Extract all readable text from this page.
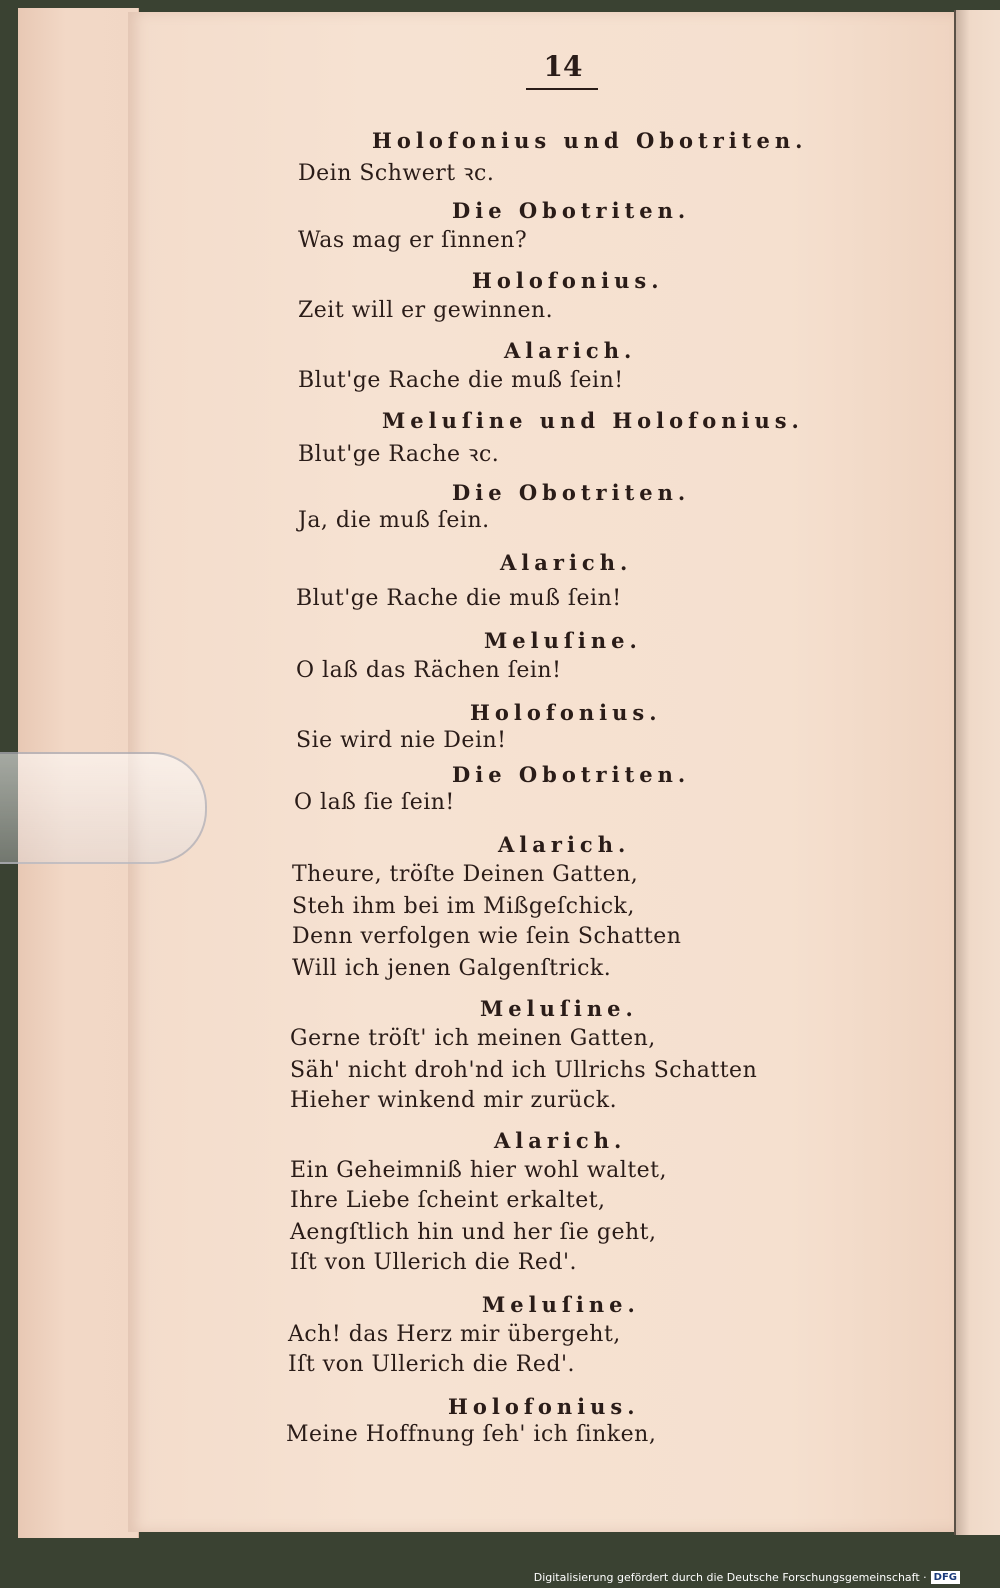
14
Holofonius und Obotriten.
Dein Schwert ꝛc.
Die Obotriten.
Was mag er ſinnen?
Holofonius.
Zeit will er gewinnen.
Alarich.
Blut'ge Rache die muß ſein!
Meluſine und Holofonius.
Blut'ge Rache ꝛc.
Die Obotriten.
Ja, die muß ſein.
Alarich.
Blut'ge Rache die muß ſein!
Meluſine.
O laß das Rächen ſein!
Holofonius.
Sie wird nie Dein!
Die Obotriten.
O laß ſie ſein!
Alarich.
Theure, tröſte Deinen Gatten,
Steh ihm bei im Mißgeſchick,
Denn verfolgen wie ſein Schatten
Will ich jenen Galgenſtrick.
Meluſine.
Gerne tröſt' ich meinen Gatten,
Säh' nicht droh'nd ich Ullrichs Schatten
Hieher winkend mir zurück.
Alarich.
Ein Geheimniß hier wohl waltet,
Ihre Liebe ſcheint erkaltet,
Aengſtlich hin und her ſie geht,
Iſt von Ullerich die Red'.
Meluſine.
Ach! das Herz mir übergeht,
Iſt von Ullerich die Red'.
Holofonius.
Meine Hoffnung ſeh' ich ſinken,
Digitalisierung gefördert durch die Deutsche Forschungsgemeinschaft · DFG
